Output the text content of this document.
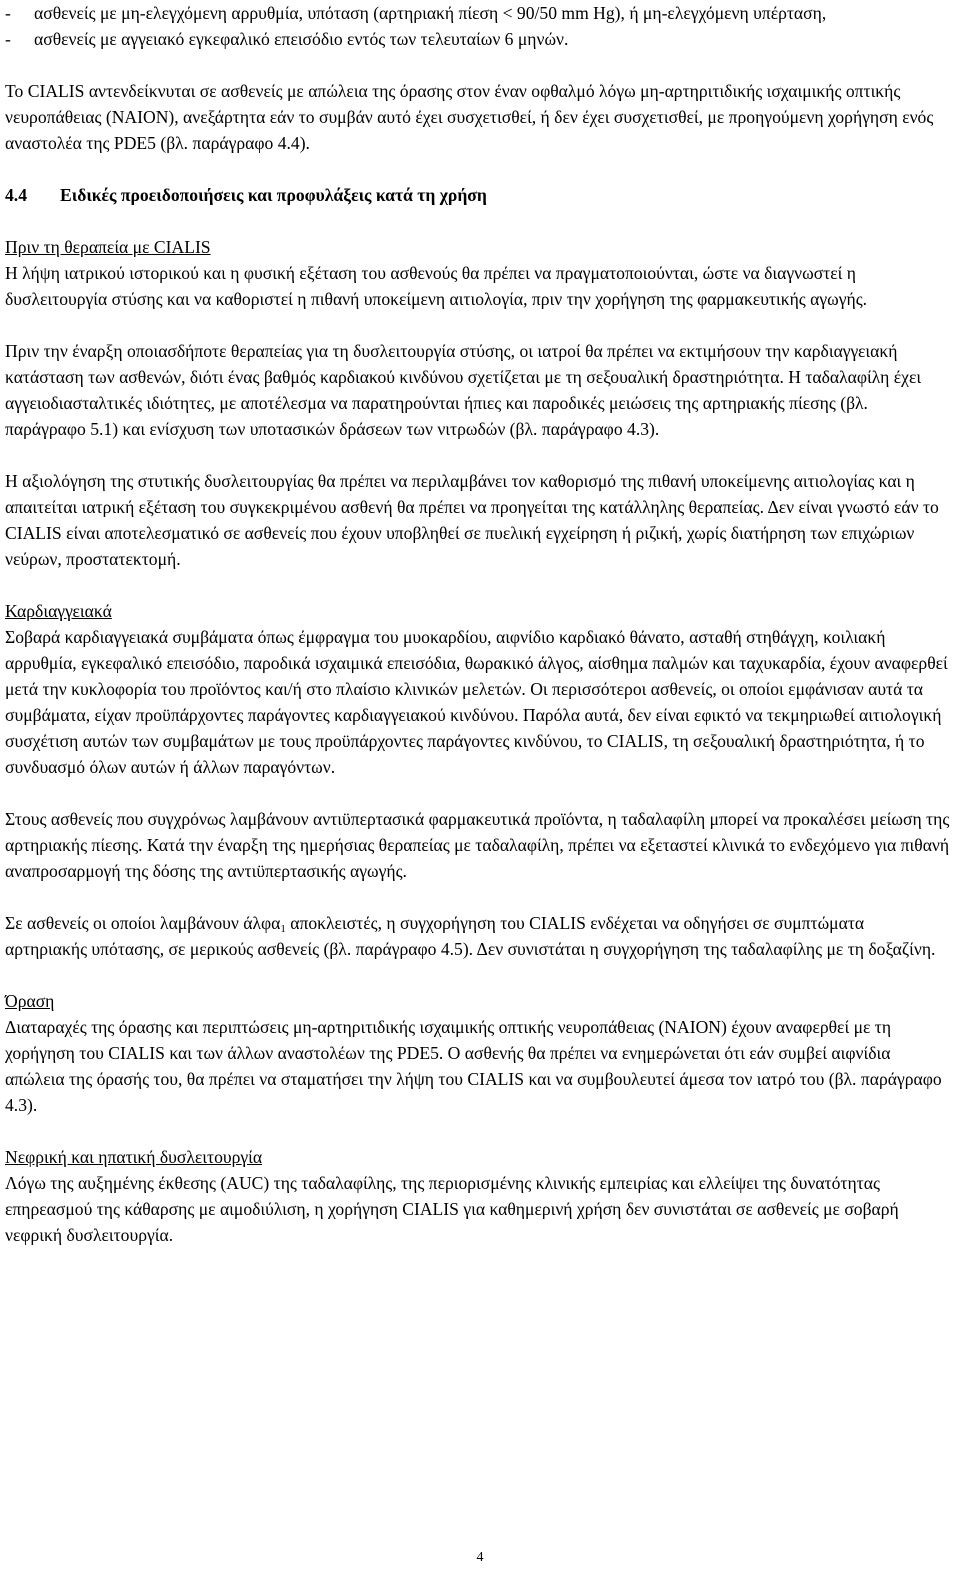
- ασθενείς με μη-ελεγχόμενη αρρυθμία, υπόταση (αρτηριακή πίεση < 90/50 mm Hg), ή μη-ελεγχόμενη υπέρταση,
- ασθενείς με αγγειακό εγκεφαλικό επεισόδιο εντός των τελευταίων 6 μηνών.

Το CIALIS αντενδείκνυται σε ασθενείς με απώλεια της όρασης στον έναν οφθαλμό λόγω μη-αρτηριτιδικής ισχαιμικής οπτικής νευροπάθειας (NAION), ανεξάρτητα εάν το συμβάν αυτό έχει συσχετισθεί, ή δεν έχει συσχετισθεί, με προηγούμενη χορήγηση ενός αναστολέα της PDE5 (βλ. παράγραφο 4.4).

4.4	Ειδικές προειδοποιήσεις και προφυλάξεις κατά τη χρήση

Πριν τη θεραπεία με CIALIS

Η λήψη ιατρικού ιστορικού και η φυσική εξέταση του ασθενούς θα πρέπει να πραγματοποιούνται, ώστε να διαγνωστεί η δυσλειτουργία στύσης και να καθοριστεί η πιθανή υποκείμενη αιτιολογία, πριν την χορήγηση της φαρμακευτικής αγωγής.

Πριν την έναρξη οποιασδήποτε θεραπείας για τη δυσλειτουργία στύσης, οι ιατροί θα πρέπει να εκτιμήσουν την καρδιαγγειακή κατάσταση των ασθενών, διότι ένας βαθμός καρδιακού κινδύνου σχετίζεται με τη σεξουαλική δραστηριότητα. Η ταδαλαφίλη έχει αγγειοδιασταλτικές ιδιότητες, με αποτέλεσμα να παρατηρούνται ήπιες και παροδικές μειώσεις της αρτηριακής πίεσης (βλ. παράγραφο 5.1) και ενίσχυση των υποτασικών δράσεων των νιτρωδών (βλ. παράγραφο 4.3).

Η αξιολόγηση της στυτικής δυσλειτουργίας θα πρέπει να περιλαμβάνει τον καθορισμό της πιθανή υποκείμενης αιτιολογίας και η απαιτείται ιατρική εξέταση του συγκεκριμένου ασθενή θα πρέπει να προηγείται της κατάλληλης θεραπείας. Δεν είναι γνωστό εάν το CIALIS είναι αποτελεσματικό σε ασθενείς που έχουν υποβληθεί σε πυελική εγχείρηση ή ριζική, χωρίς διατήρηση των επιχώριων νεύρων, προστατεκτομή.

Καρδιαγγειακά

Σοβαρά καρδιαγγειακά συμβάματα όπως έμφραγμα του μυοκαρδίου, αιφνίδιο καρδιακό θάνατο, ασταθή στηθάγχη, κοιλιακή αρρυθμία, εγκεφαλικό επεισόδιο, παροδικά ισχαιμικά επεισόδια, θωρακικό άλγος, αίσθημα παλμών και ταχυκαρδία, έχουν αναφερθεί μετά την κυκλοφορία του προϊόντος και/ή στο πλαίσιο κλινικών μελετών. Οι περισσότεροι ασθενείς, οι οποίοι εμφάνισαν αυτά τα συμβάματα, είχαν προϋπάρχοντες παράγοντες καρδιαγγειακού κινδύνου. Παρόλα αυτά, δεν είναι εφικτό να τεκμηριωθεί αιτιολογική συσχέτιση αυτών των συμβαμάτων με τους προϋπάρχοντες παράγοντες κινδύνου, το CIALIS, τη σεξουαλική δραστηριότητα, ή το συνδυασμό όλων αυτών ή άλλων παραγόντων.

Στους ασθενείς που συγχρόνως λαμβάνουν αντιϋπερτασικά φαρμακευτικά προϊόντα, η ταδαλαφίλη μπορεί να προκαλέσει μείωση της αρτηριακής πίεσης. Κατά την έναρξη της ημερήσιας θεραπείας με ταδαλαφίλη, πρέπει να εξεταστεί κλινικά το ενδεχόμενο για πιθανή αναπροσαρμογή της δόσης της αντιϋπερτασικής αγωγής.

Σε ασθενείς οι οποίοι λαμβάνουν άλφα$_1$ αποκλειστές, η συγχορήγηση του CIALIS ενδέχεται να οδηγήσει σε συμπτώματα αρτηριακής υπότασης, σε μερικούς ασθενείς (βλ. παράγραφο 4.5). Δεν συνιστάται η συγχορήγηση της ταδαλαφίλης με τη δοξαζίνη.

Όραση

Διαταραχές της όρασης και περιπτώσεις μη-αρτηριτιδικής ισχαιμικής οπτικής νευροπάθειας (NAION) έχουν αναφερθεί με τη χορήγηση του CIALIS και των άλλων αναστολέων της PDE5. Ο ασθενής θα πρέπει να ενημερώνεται ότι εάν συμβεί αιφνίδια απώλεια της όρασής του, θα πρέπει να σταματήσει την λήψη του CIALIS και να συμβουλευτεί άμεσα τον ιατρό του (βλ. παράγραφο 4.3).

Νεφρική και ηπατική δυσλειτουργία

Λόγω της αυξημένης έκθεσης (AUC) της ταδαλαφίλης, της περιορισμένης κλινικής εμπειρίας και ελλείψει της δυνατότητας επηρεασμού της κάθαρσης με αιμοδιύλιση, η χορήγηση CIALIS για καθημερινή χρήση δεν συνιστάται σε ασθενείς με σοβαρή νεφρική δυσλειτουργία.

4
